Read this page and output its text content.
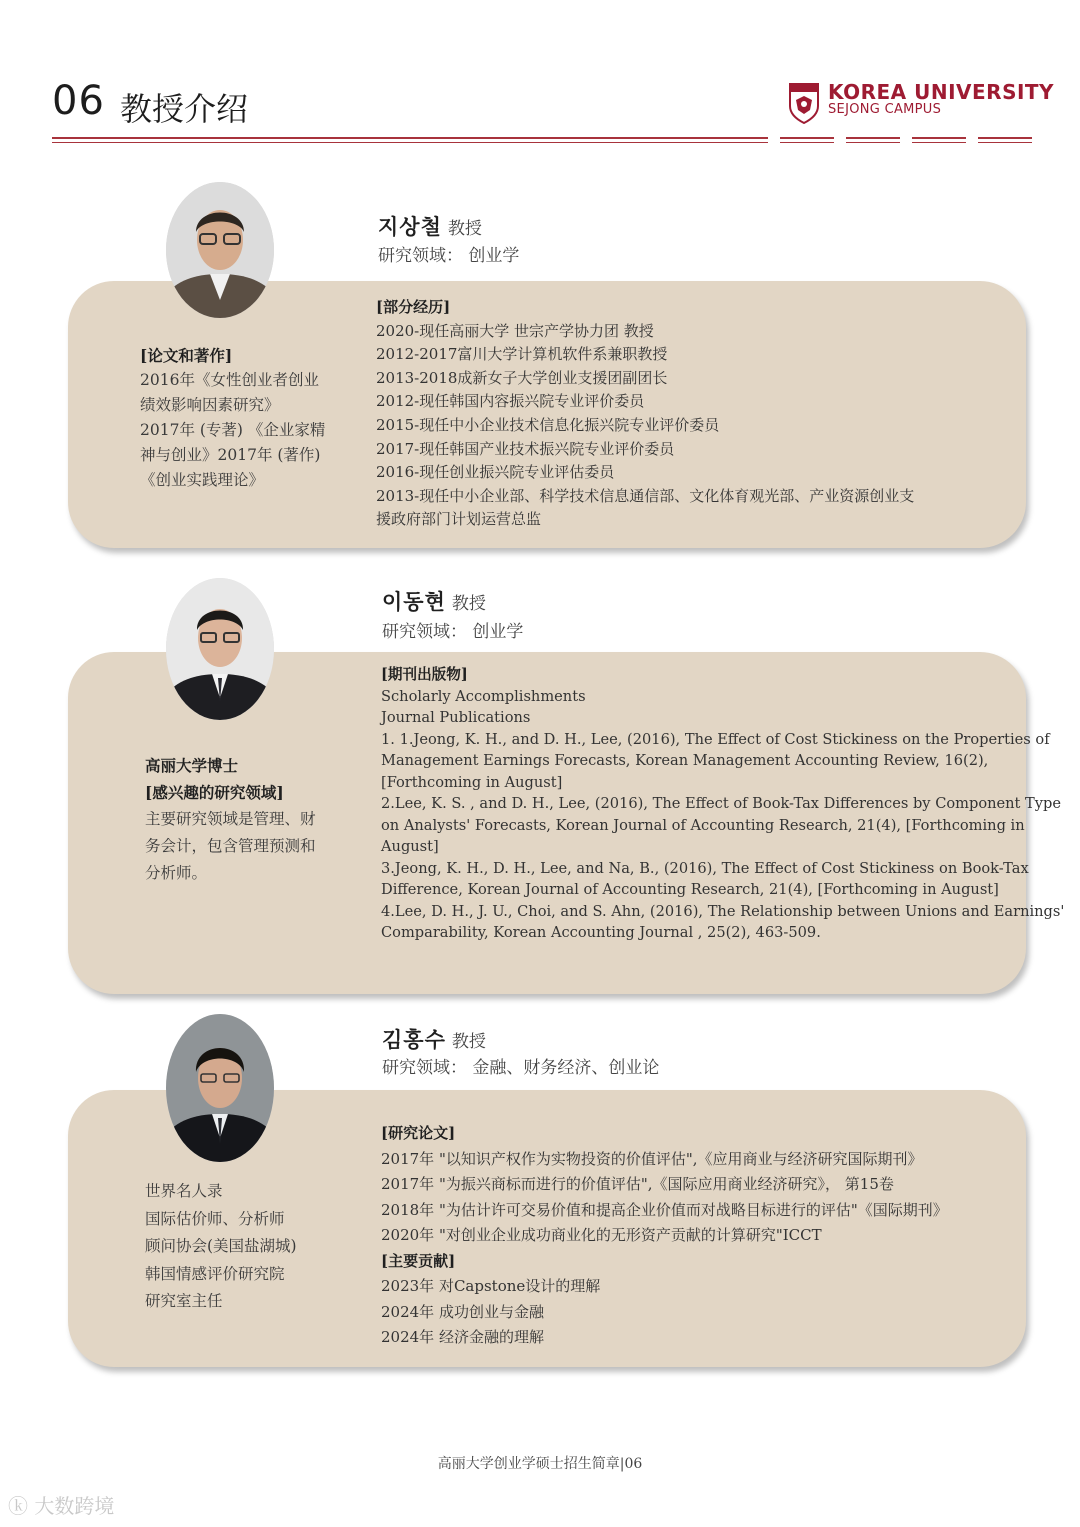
06 教授介绍	KOREA UNIVERSITY
SEJONG CAMPUS
지상철 教授
研究领域： 创业学
[论文和著作]
2016年《女性创业者创业
绩效影响因素研究》
2017年 (专著) 《企业家精
神与创业》2017年 (著作)
《创业实践理论》
[部分经历]
2020-现任高丽大学 世宗产学协力团 教授
2012-2017富川大学计算机软件系兼职教授
2013-2018成新女子大学创业支援团副团长
2012-现任韩国内容振兴院专业评价委员
2015-现任中小企业技术信息化振兴院专业评价委员
2017-现任韩国产业技术振兴院专业评价委员
2016-现任创业振兴院专业评估委员
2013-现任中小企业部、科学技术信息通信部、文化体育观光部、产业资源创业支
援政府部门计划运营总监
이동현 教授
研究领域： 创业学
高丽大学博士
[感兴趣的研究领域]
主要研究领域是管理、财
务会计，包含管理预测和
分析师。
[期刊出版物]
Scholarly Accomplishments
Journal Publications
1. 1.Jeong, K. H., and D. H., Lee, (2016), The Effect of Cost Stickiness on the Properties of
Management Earnings Forecasts, Korean Management Accounting Review, 16(2),
[Forthcoming in August]
2.Lee, K. S. , and D. H., Lee, (2016), The Effect of Book-Tax Differences by Component Type
on Analysts' Forecasts, Korean Journal of Accounting Research, 21(4), [Forthcoming in
August]
3.Jeong, K. H., D. H., Lee, and Na, B., (2016), The Effect of Cost Stickiness on Book-Tax
Difference, Korean Journal of Accounting Research, 21(4), [Forthcoming in August]
4.Lee, D. H., J. U., Choi, and S. Ahn, (2016), The Relationship between Unions and Earnings'
Comparability, Korean Accounting Journal , 25(2), 463-509.
김홍수 教授
研究领域： 金融、财务经济、创业论
世界名人录
国际估价师、分析师
顾问协会(美国盐湖城)
韩国情感评价研究院
研究室主任
[研究论文]
2017年 "以知识产权作为实物投资的价值评估",《应用商业与经济研究国际期刊》
2017年 "为振兴商标而进行的价值评估",《国际应用商业经济研究》， 第15卷
2018年 "为估计许可交易价值和提高企业价值而对战略目标进行的评估"《国际期刊》
2020年 "对创业企业成功商业化的无形资产贡献的计算研究"ICCT
[主要贡献]
2023年 对Capstone设计的理解
2024年 成功创业与金融
2024年 经济金融的理解
高丽大学创业学硕士招生简章|06
ⓚ 大数跨境
